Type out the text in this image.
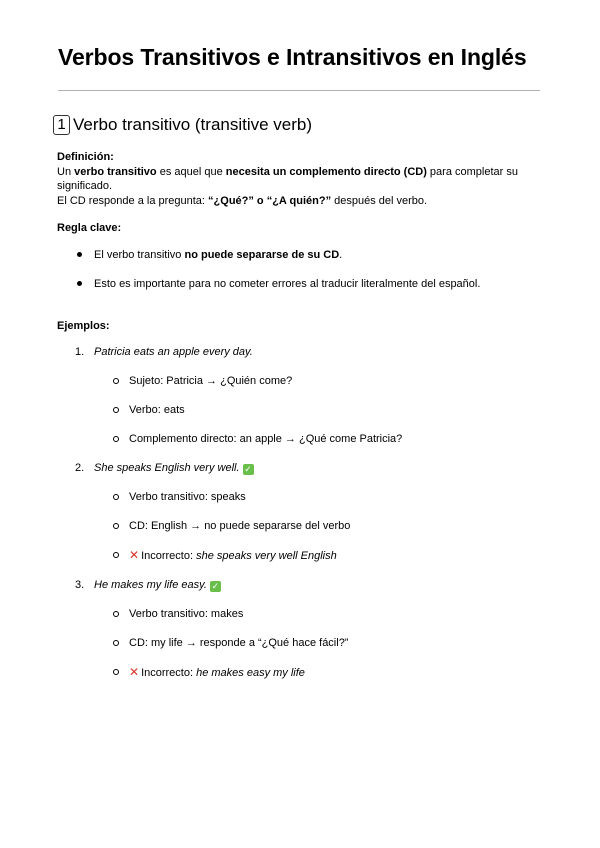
Verbos Transitivos e Intransitivos en Inglés
1 Verbo transitivo (transitive verb)
Definición:
Un verbo transitivo es aquel que necesita un complemento directo (CD) para completar su
significado.
El CD responde a la pregunta: “¿Qué?” o “¿A quién?” después del verbo.
Regla clave:
El verbo transitivo no puede separarse de su CD.
Esto es importante para no cometer errores al traducir literalmente del español.
Ejemplos:
1. Patricia eats an apple every day.
Sujeto: Patricia → ¿Quién come?
Verbo: eats
Complemento directo: an apple → ¿Qué come Patricia?
2. She speaks English very well. ✓
Verbo transitivo: speaks
CD: English → no puede separarse del verbo
✕ Incorrecto: she speaks very well English
3. He makes my life easy. ✓
Verbo transitivo: makes
CD: my life → responde a “¿Qué hace fácil?”
✕ Incorrecto: he makes easy my life
